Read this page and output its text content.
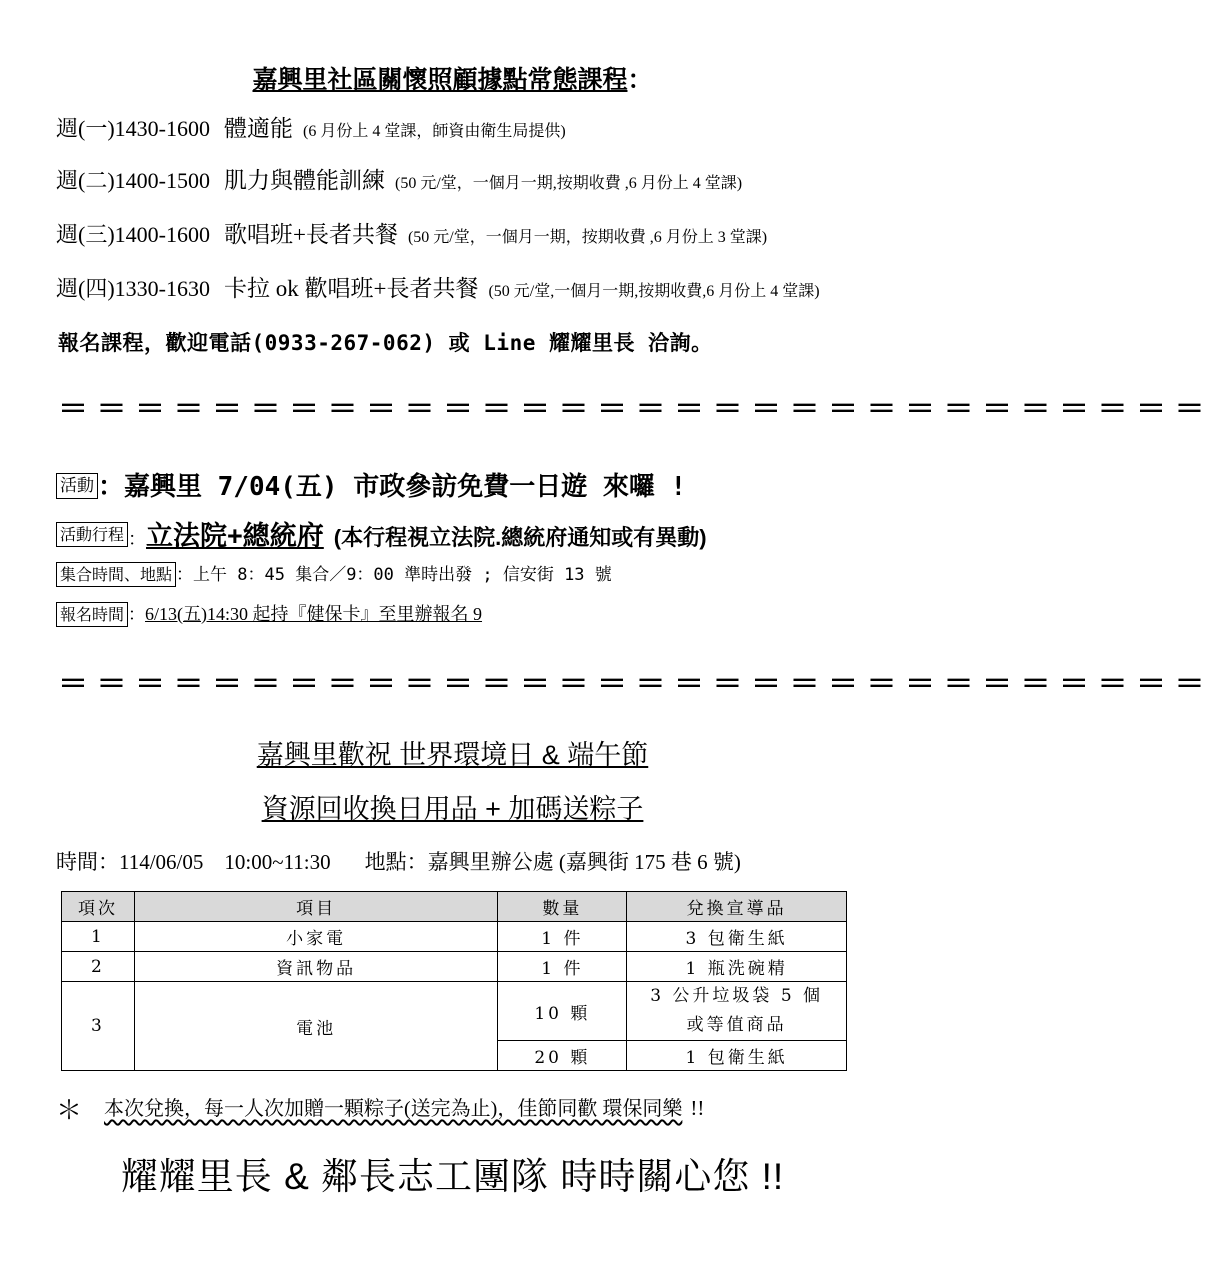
嘉興里社區關懷照顧據點常態課程：
週(一)1430-1600 體適能 (6 月份上 4 堂課，師資由衛生局提供)
週(二)1400-1500 肌力與體能訓練 (50 元/堂，一個月一期,按期收費 ,6 月份上 4 堂課)
週(三)1400-1600 歌唱班+長者共餐 (50 元/堂，一個月一期，按期收費 ,6 月份上 3 堂課)
週(四)1330-1630 卡拉 ok 歡唱班+長者共餐 (50 元/堂,一個月一期,按期收費,6 月份上 4 堂課)
報名課程，歡迎電話(0933-267-062) 或 Line 耀耀里長 洽詢。
＝＝＝＝＝＝＝＝＝＝＝＝＝＝＝＝＝＝＝＝＝＝＝＝＝＝＝＝＝＝
活動 ：嘉興里 7/04(五) 市政參訪免費一日遊 來囉 !
活動行程 ：立法院+總統府 (本行程視立法院.總統府通知或有異動)
集合時間、地點 ：上午 8：45 集合／9：00 準時出發 ; 信安街 13 號
報名時間 ：6/13(五)14:30 起持『健保卡』至里辦報名 9
＝＝＝＝＝＝＝＝＝＝＝＝＝＝＝＝＝＝＝＝＝＝＝＝＝＝＝＝＝＝
嘉興里歡祝 世界環境日 & 端午節
資源回收換日用品 + 加碼送粽子
時間：114/06/05　10:00~11:30 地點：嘉興里辦公處 (嘉興街 175 巷 6 號)
項次	項目	數量	兌換宣導品
1	小家電	1 件	3 包衛生紙
2	資訊物品	1 件	1 瓶洗碗精
3	電池	10 顆	3 公升垃圾袋 5 個
或等值商品

		20 顆	1 包衛生紙
＊ 本次兌換，每一人次加贈一顆粽子(送完為止)，佳節同歡 環保同樂 !!
耀耀里長 & 鄰長志工團隊 時時關心您 !!
